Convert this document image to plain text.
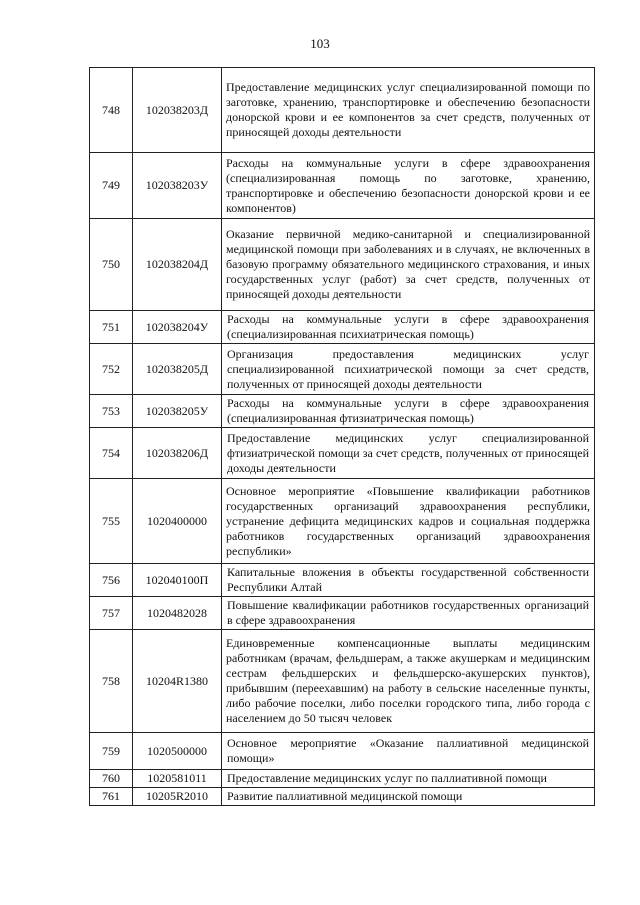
103
748	102038203Д	Предоставление медицинских услуг специализированной помощи по заготовке, хранению, транспортировке и обеспечению безопасности донорской крови и ее компонентов за счет средств, полученных от приносящей доходы деятельности
749	102038203У	Расходы на коммунальные услуги в сфере здравоохранения (специализированная помощь по заготовке, хранению, транспортировке и обеспечению безопасности донорской крови и ее компонентов)
750	102038204Д	Оказание первичной медико-санитарной и специализированной медицинской помощи при заболеваниях и в случаях, не включенных в базовую программу обязательного медицинского страхования, и иных государственных услуг (работ) за счет средств, полученных от приносящей доходы деятельности
751	102038204У	Расходы на коммунальные услуги в сфере здравоохранения (специализированная психиатрическая помощь)
752	102038205Д	Организация предоставления медицинских услуг специализированной психиатрической помощи за счет средств, полученных от приносящей доходы деятельности
753	102038205У	Расходы на коммунальные услуги в сфере здравоохранения (специализированная фтизиатрическая помощь)
754	102038206Д	Предоставление медицинских услуг специализированной фтизиатрической помощи за счет средств, полученных от приносящей доходы деятельности
755	1020400000	Основное мероприятие «Повышение квалификации работников государственных организаций здравоохранения республики, устранение дефицита медицинских кадров и социальная поддержка работников государственных организаций здравоохранения республики»
756	102040100П	Капитальные вложения в объекты государственной собственности Республики Алтай
757	1020482028	Повышение квалификации работников государственных организаций в сфере здравоохранения
758	10204R1380	Единовременные компенсационные выплаты медицинским работникам (врачам, фельдшерам, а также акушеркам и медицинским сестрам фельдшерских и фельдшерско-акушерских пунктов), прибывшим (переехавшим) на работу в сельские населенные пункты, либо рабочие поселки, либо поселки городского типа, либо города с населением до 50 тысяч человек
759	1020500000	Основное мероприятие «Оказание паллиативной медицинской помощи»
760	1020581011	Предоставление медицинских услуг по паллиативной помощи
761	10205R2010	Развитие паллиативной медицинской помощи
